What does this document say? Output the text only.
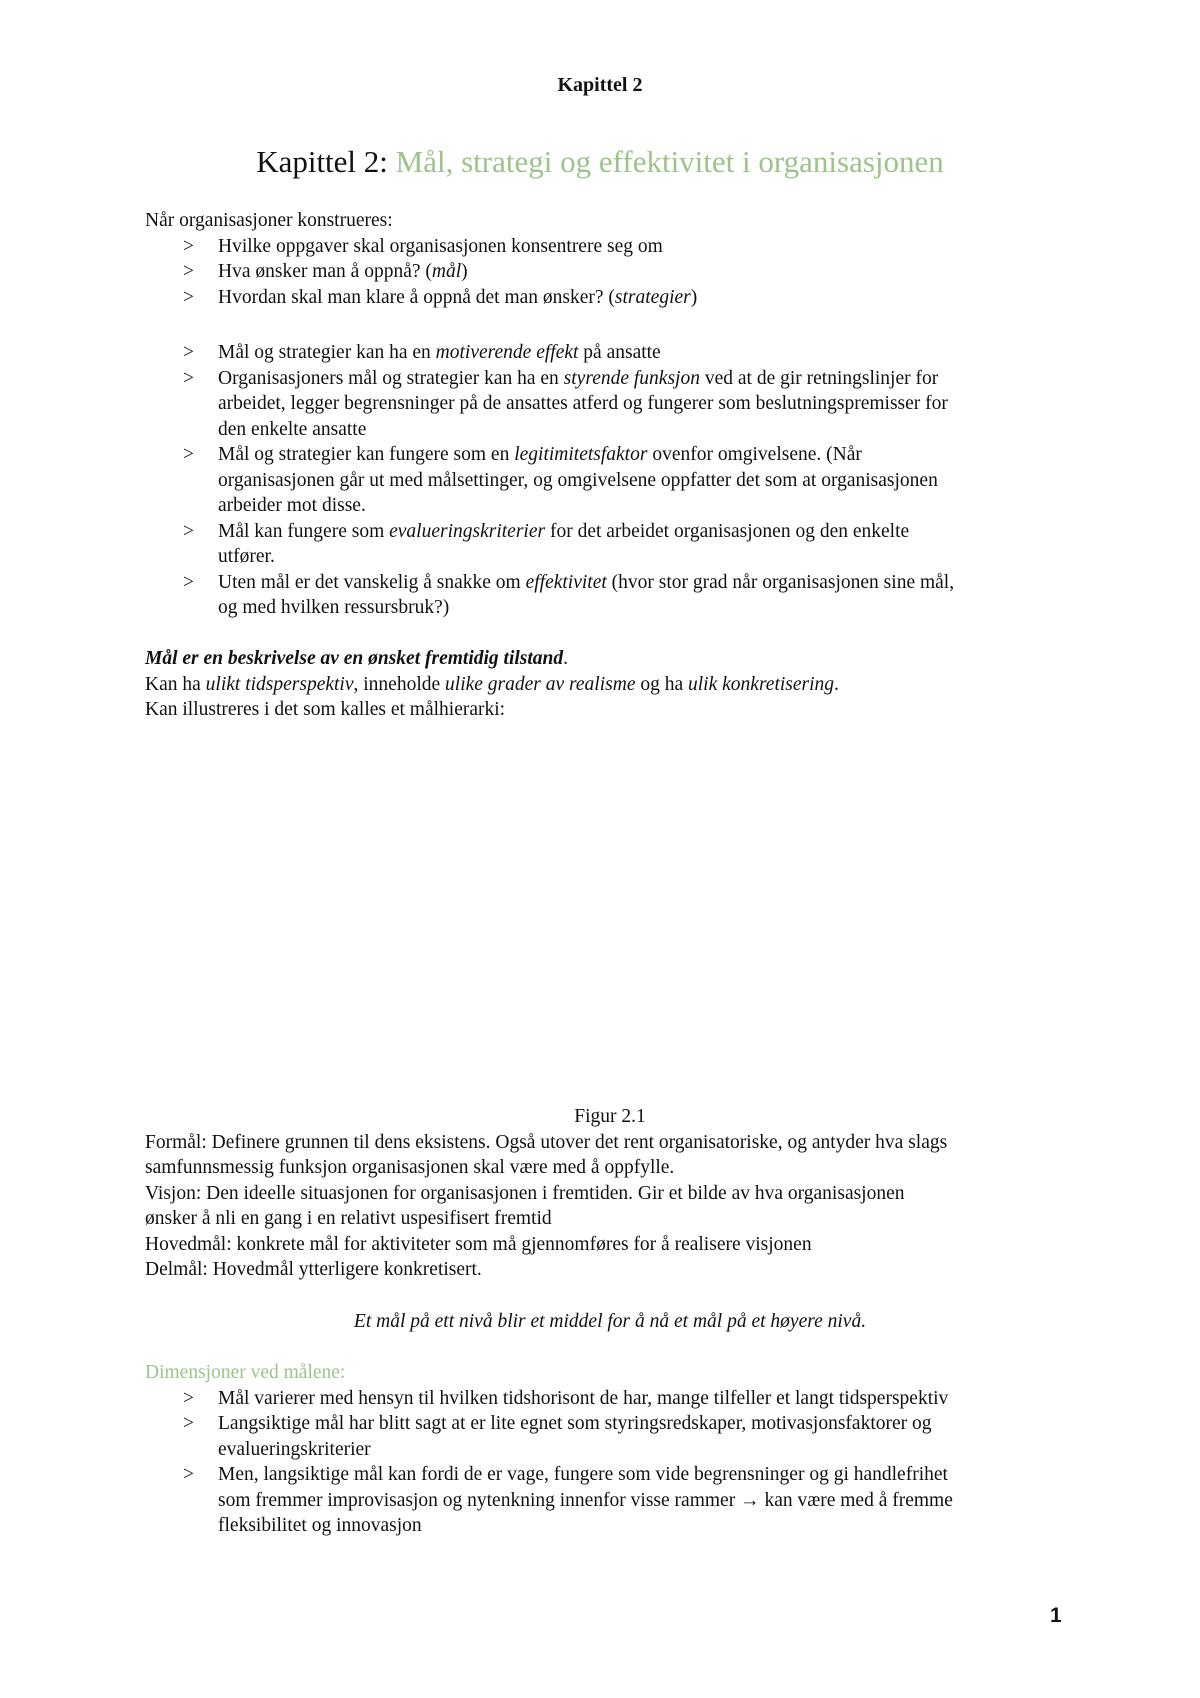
Kapittel 2
Kapittel 2: Mål, strategi og effektivitet i organisasjonen
Når organisasjoner konstrueres:
> Hvilke oppgaver skal organisasjonen konsentrere seg om
> Hva ønsker man å oppnå? (mål)
> Hvordan skal man klare å oppnå det man ønsker? (strategier)
> Mål og strategier kan ha en motiverende effekt på ansatte
> Organisasjoners mål og strategier kan ha en styrende funksjon ved at de gir retningslinjer for
arbeidet, legger begrensninger på de ansattes atferd og fungerer som beslutningspremisser for
den enkelte ansatte
> Mål og strategier kan fungere som en legitimitetsfaktor ovenfor omgivelsene. (Når
organisasjonen går ut med målsettinger, og omgivelsene oppfatter det som at organisasjonen
arbeider mot disse.
> Mål kan fungere som evalueringskriterier for det arbeidet organisasjonen og den enkelte
utfører.
> Uten mål er det vanskelig å snakke om effektivitet (hvor stor grad når organisasjonen sine mål,
og med hvilken ressursbruk?)
Mål er en beskrivelse av en ønsket fremtidig tilstand.
Kan ha ulikt tidsperspektiv, inneholde ulike grader av realisme og ha ulik konkretisering.
Kan illustreres i det som kalles et målhierarki:
Figur 2.1
Formål: Definere grunnen til dens eksistens. Også utover det rent organisatoriske, og antyder hva slags
samfunnsmessig funksjon organisasjonen skal være med å oppfylle.
Visjon: Den ideelle situasjonen for organisasjonen i fremtiden. Gir et bilde av hva organisasjonen
ønsker å nli en gang i en relativt uspesifisert fremtid
Hovedmål: konkrete mål for aktiviteter som må gjennomføres for å realisere visjonen
Delmål: Hovedmål ytterligere konkretisert.
Et mål på ett nivå blir et middel for å nå et mål på et høyere nivå.
Dimensjoner ved målene:
> Mål varierer med hensyn til hvilken tidshorisont de har, mange tilfeller et langt tidsperspektiv
> Langsiktige mål har blitt sagt at er lite egnet som styringsredskaper, motivasjonsfaktorer og
evalueringskriterier
> Men, langsiktige mål kan fordi de er vage, fungere som vide begrensninger og gi handlefrihet
som fremmer improvisasjon og nytenkning innenfor visse rammer → kan være med å fremme
fleksibilitet og innovasjon
1
